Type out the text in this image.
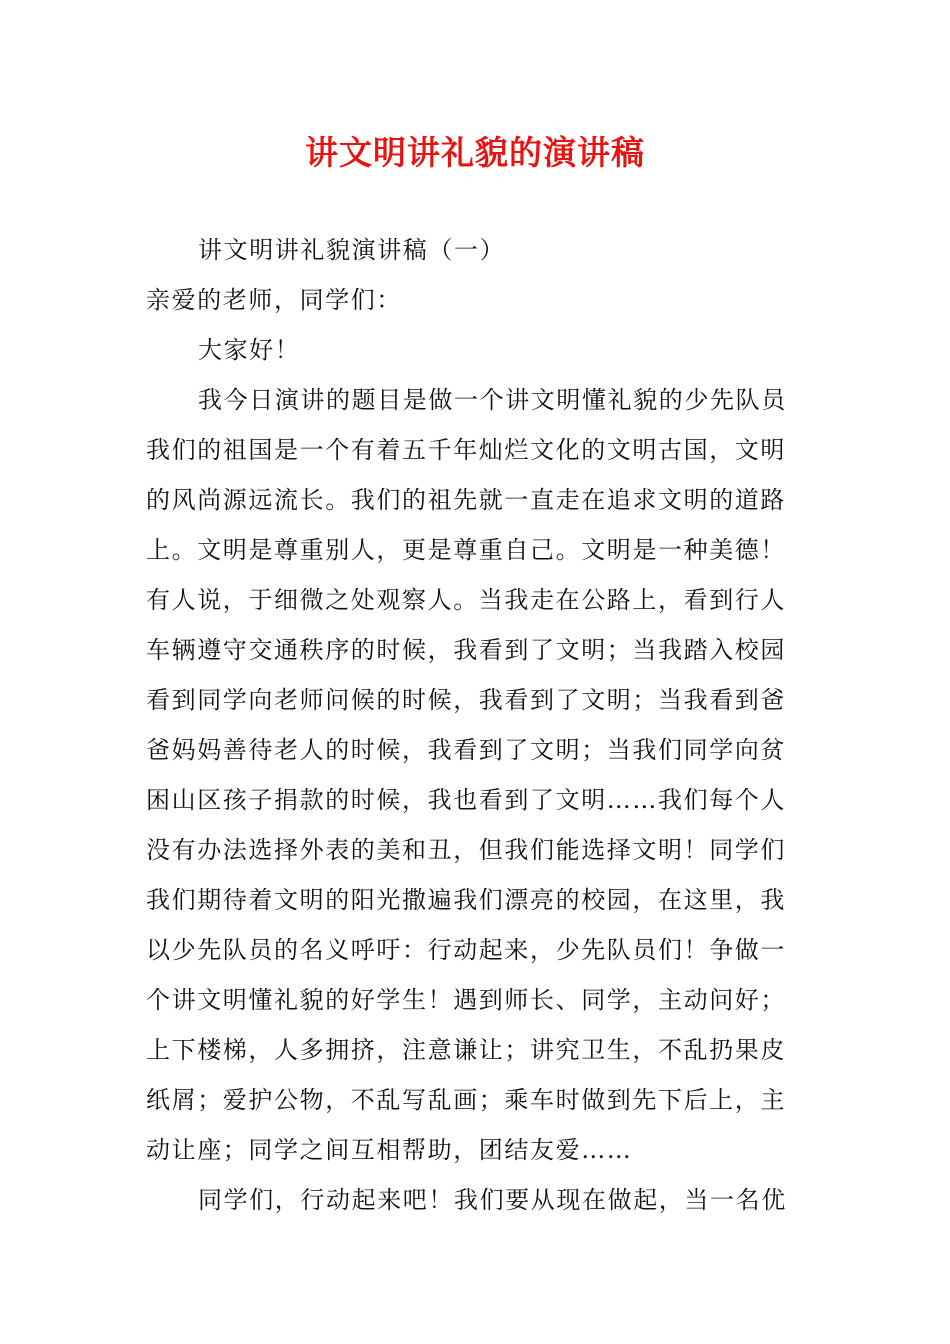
讲文明讲礼貌的演讲稿

讲文明讲礼貌演讲稿（一）

亲爱的老师，同学们：

大家好！

我今日演讲的题目是做一个讲文明懂礼貌的少先队员
我们的祖国是一个有着五千年灿烂文化的文明古国，文明
的风尚源远流长。我们的祖先就一直走在追求文明的道路
上。文明是尊重别人，更是尊重自己。文明是一种美德！
有人说，于细微之处观察人。当我走在公路上，看到行人
车辆遵守交通秩序的时候，我看到了文明；当我踏入校园
看到同学向老师问候的时候，我看到了文明；当我看到爸
爸妈妈善待老人的时候，我看到了文明；当我们同学向贫
困山区孩子捐款的时候，我也看到了文明……我们每个人
没有办法选择外表的美和丑，但我们能选择文明！同学们
我们期待着文明的阳光撒遍我们漂亮的校园，在这里，我
以少先队员的名义呼吁：行动起来，少先队员们！争做一
个讲文明懂礼貌的好学生！遇到师长、同学，主动问好；
上下楼梯，人多拥挤，注意谦让；讲究卫生，不乱扔果皮
纸屑；爱护公物，不乱写乱画；乘车时做到先下后上，主
动让座；同学之间互相帮助，团结友爱……

同学们，行动起来吧！我们要从现在做起，当一名优
